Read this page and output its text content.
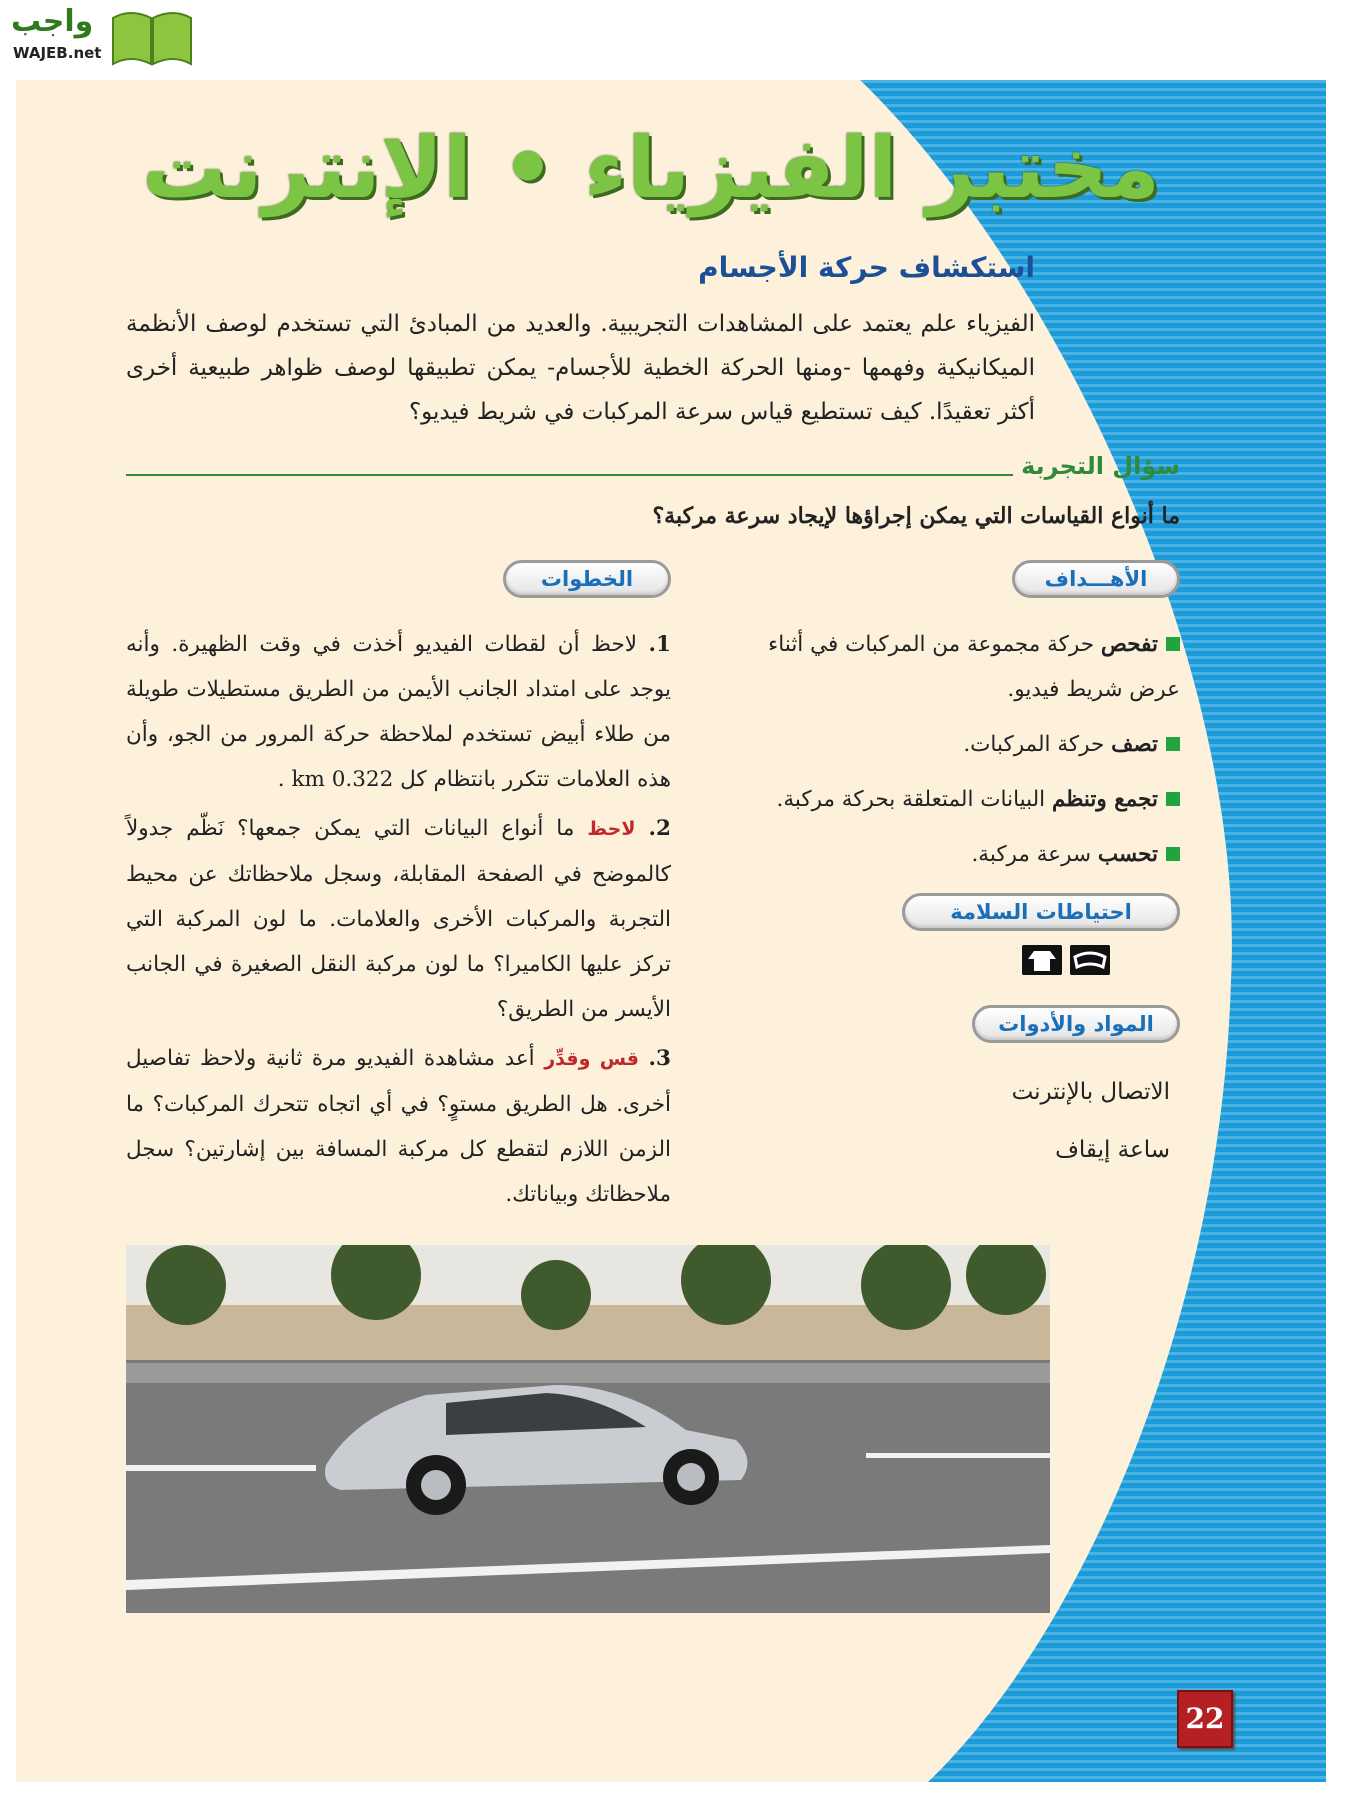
واجب
WAJEB.net
مختبر الفيزياء • الإنترنت
استكشاف حركة الأجسام
الفيزياء علم يعتمد على المشاهدات التجريبية. والعديد من المبادئ التي تستخدم لوصف الأنظمة الميكانيكية وفهمها -ومنها الحركة الخطية للأجسام- يمكن تطبيقها لوصف ظواهر طبيعية أخرى أكثر تعقيدًا. كيف تستطيع قياس سرعة المركبات في شريط فيديو؟
سؤال التجربة
ما أنواع القياسات التي يمكن إجراؤها لإيجاد سرعة مركبة؟
الأهـــداف
تفحص حركة مجموعة من المركبات في أثناء عرض شريط فيديو.
تصف حركة المركبات.
تجمع وتنظم البيانات المتعلقة بحركة مركبة.
تحسب سرعة مركبة.
احتياطات السلامة
المواد والأدوات
الاتصال بالإنترنت
ساعة إيقاف
الخطوات
1. لاحظ أن لقطات الفيديو أخذت في وقت الظهيرة. وأنه يوجد على امتداد الجانب الأيمن من الطريق مستطيلات طويلة من طلاء أبيض تستخدم لملاحظة حركة المرور من الجو، وأن هذه العلامات تتكرر بانتظام كل 0.322 km .
2. لاحظ ما أنواع البيانات التي يمكن جمعها؟ نَظّم جدولاً كالموضح في الصفحة المقابلة، وسجل ملاحظاتك عن محيط التجربة والمركبات الأخرى والعلامات. ما لون المركبة التي تركز عليها الكاميرا؟ ما لون مركبة النقل الصغيرة في الجانب الأيسر من الطريق؟
3. قس وقدِّر أعد مشاهدة الفيديو مرة ثانية ولاحظ تفاصيل أخرى. هل الطريق مستوٍ؟ في أي اتجاه تتحرك المركبات؟ ما الزمن اللازم لتقطع كل مركبة المسافة بين إشارتين؟ سجل ملاحظاتك وبياناتك.
22
